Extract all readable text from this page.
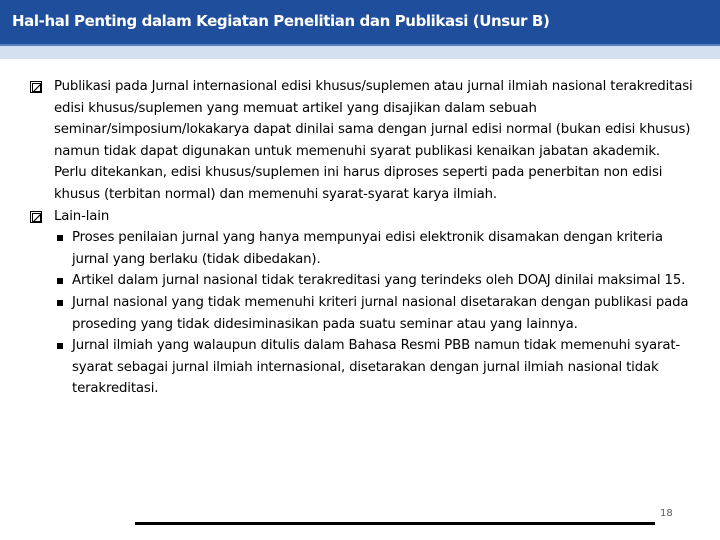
Hal-hal Penting dalam Kegiatan Penelitian dan Publikasi (Unsur B)
Publikasi pada Jurnal internasional edisi khusus/suplemen atau jurnal ilmiah nasional terakreditasi edisi khusus/suplemen yang memuat artikel yang disajikan dalam sebuah seminar/simposium/lokakarya dapat dinilai sama dengan jurnal edisi normal (bukan edisi khusus) namun tidak dapat digunakan untuk memenuhi syarat publikasi kenaikan jabatan akademik. Perlu ditekankan, edisi khusus/suplemen ini harus diproses seperti pada penerbitan non edisi khusus (terbitan normal) dan memenuhi syarat-syarat karya ilmiah.
Lain-lain
Proses penilaian jurnal yang hanya mempunyai edisi elektronik disamakan dengan kriteria jurnal yang berlaku (tidak dibedakan).
Artikel dalam jurnal nasional tidak terakreditasi yang terindeks oleh DOAJ dinilai maksimal 15.
Jurnal nasional yang tidak memenuhi kriteri jurnal nasional disetarakan dengan publikasi pada proseding yang tidak didesiminasikan pada suatu seminar atau yang lainnya.
Jurnal ilmiah yang walaupun ditulis dalam Bahasa Resmi PBB namun tidak memenuhi syarat-syarat sebagai jurnal ilmiah internasional, disetarakan dengan jurnal ilmiah nasional tidak terakreditasi.
18
